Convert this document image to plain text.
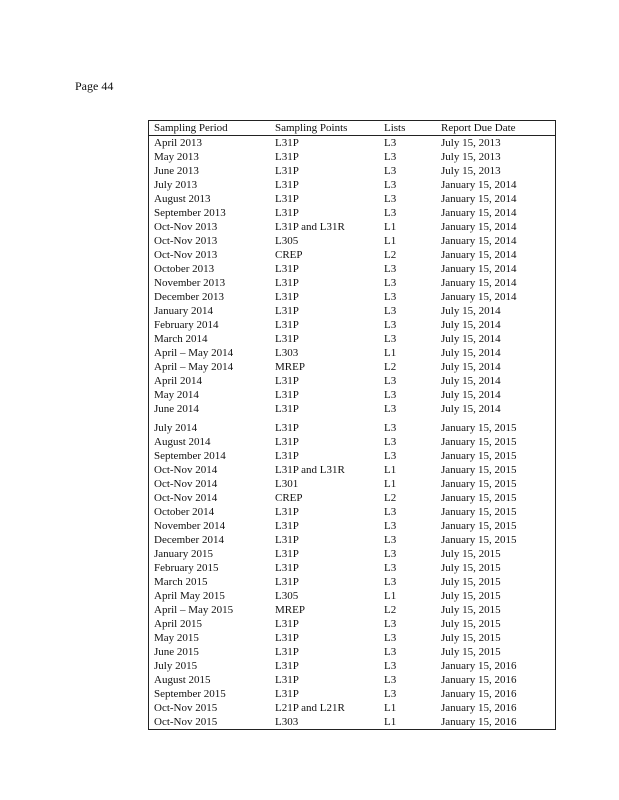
Page 44
Sampling Period	Sampling Points	Lists	Report Due Date
April 2013	L31P	L3	July 15, 2013
May 2013	L31P	L3	July 15, 2013
June 2013	L31P	L3	July 15, 2013
July 2013	L31P	L3	January 15, 2014
August 2013	L31P	L3	January 15, 2014
September 2013	L31P	L3	January 15, 2014
Oct-Nov 2013	L31P and L31R	L1	January 15, 2014
Oct-Nov 2013	L305	L1	January 15, 2014
Oct-Nov 2013	CREP	L2	January 15, 2014
October 2013	L31P	L3	January 15, 2014
November 2013	L31P	L3	January 15, 2014
December 2013	L31P	L3	January 15, 2014
January 2014	L31P	L3	July 15, 2014
February 2014	L31P	L3	July 15, 2014
March 2014	L31P	L3	July 15, 2014
April – May 2014	L303	L1	July 15, 2014
April – May 2014	MREP	L2	July 15, 2014
April 2014	L31P	L3	July 15, 2014
May 2014	L31P	L3	July 15, 2014
June 2014	L31P	L3	July 15, 2014
July 2014	L31P	L3	January 15, 2015
August 2014	L31P	L3	January 15, 2015
September 2014	L31P	L3	January 15, 2015
Oct-Nov 2014	L31P and L31R	L1	January 15, 2015
Oct-Nov 2014	L301	L1	January 15, 2015
Oct-Nov 2014	CREP	L2	January 15, 2015
October 2014	L31P	L3	January 15, 2015
November 2014	L31P	L3	January 15, 2015
December 2014	L31P	L3	January 15, 2015
January 2015	L31P	L3	July 15, 2015
February 2015	L31P	L3	July 15, 2015
March 2015	L31P	L3	July 15, 2015
April May 2015	L305	L1	July 15, 2015
April – May 2015	MREP	L2	July 15, 2015
April 2015	L31P	L3	July 15, 2015
May 2015	L31P	L3	July 15, 2015
June 2015	L31P	L3	July 15, 2015
July 2015	L31P	L3	January 15, 2016
August 2015	L31P	L3	January 15, 2016
September 2015	L31P	L3	January 15, 2016
Oct-Nov 2015	L21P and L21R	L1	January 15, 2016
Oct-Nov 2015	L303	L1	January 15, 2016
